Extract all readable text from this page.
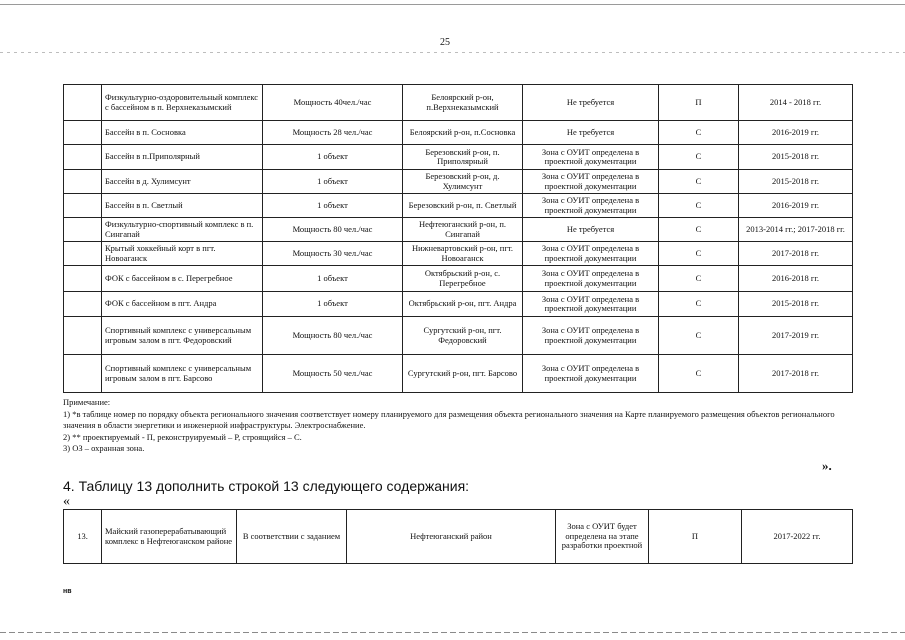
25
	Физкультурно-оздоровительный комплекс с бассейном в п. Верхнеказымский	Мощность 40чел./час	Белоярский р-он, п.Верхнеказымский	Не требуется	П	2014 - 2018 гг.
	Бассейн в п. Сосновка	Мощность 28 чел./час	Белоярский р-он, п.Сосновка	Не требуется	С	2016-2019 гг.
	Бассейн в п.Приполярный	1 объект	Березовский р-он, п. Приполярный	Зона с ОУИТ определена в проектной документации	С	2015-2018 гг.
	Бассейн в д. Хулимсунт	1 объект	Березовский р-он, д. Хулимсунт	Зона с ОУИТ определена в проектной документации	С	2015-2018 гг.
	Бассейн в п. Светлый	1 объект	Березовский р-он, п. Светлый	Зона с ОУИТ определена в проектной документации	С	2016-2019 гг.
	Физкультурно-спортивный комплекс в п. Сингапай	Мощность 80 чел./час	Нефтеюганский р-он, п. Сингапай	Не требуется	С	2013-2014 гг.; 2017-2018 гг.
	Крытый хоккейный корт в пгт. Новоаганск	Мощность 30 чел./час	Нижневартовский р-он, пгт. Новоаганск	Зона с ОУИТ определена в проектной документации	С	2017-2018 гг.
	ФОК с бассейном в с. Перегребное	1 объект	Октябрьский р-он, с. Перегребное	Зона с ОУИТ определена в проектной документации	С	2016-2018 гг.
	ФОК с бассейном в пгт. Андра	1 объект	Октябрьский р-он, пгт. Андра	Зона с ОУИТ определена в проектной документации	С	2015-2018 гг.
	Спортивный комплекс с универсальным игровым залом в пгт. Федоровский	Мощность 80 чел./час	Сургутский р-он, пгт. Федоровский	Зона с ОУИТ определена в проектной документации	С	2017-2019 гг.
	Спортивный комплекс с универсальным игровым залом в пгт. Барсово	Мощность 50 чел./час	Сургутский р-он, пгт. Барсово	Зона с ОУИТ определена в проектной документации	С	2017-2018 гг.
Примечание:
1) *в таблице номер по порядку объекта регионального значения соответствует номеру планируемого для размещения объекта регионального значения на Карте планируемого размещения объектов регионального значения в области энергетики и инженерной инфраструктуры. Электроснабжение.
2) ** проектируемый - П, реконструируемый – Р, строящийся – С.
3) ОЗ – охранная зона.
».
4. Таблицу 13 дополнить строкой 13 следующего содержания:
«
13.	Майский газоперерабатывающий комплекс в Нефтеюганском районе	В соответствии с заданием	Нефтеюганский район	Зона с ОУИТ будет определена на этапе разработки проектной	П	2017-2022 гг.
нв
